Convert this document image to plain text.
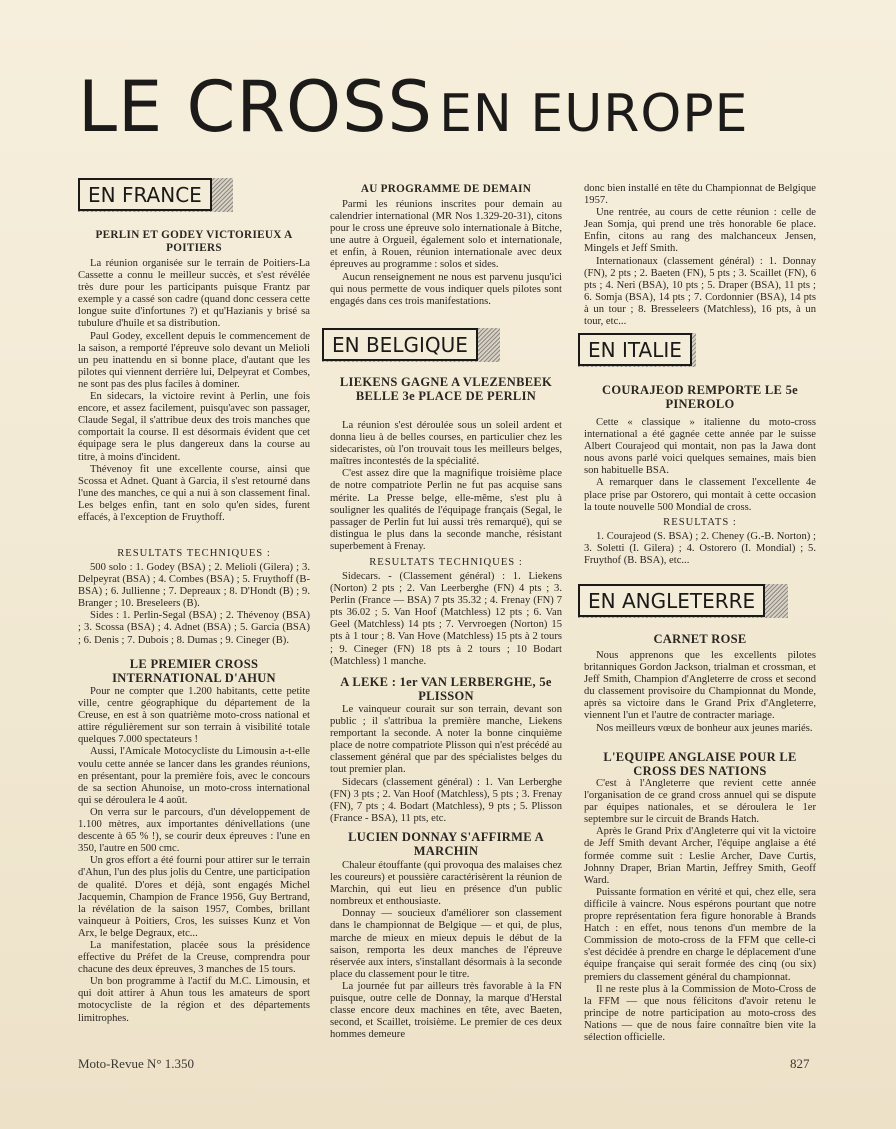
LE CROSS EN EUROPE
EN FRANCE
PERLIN ET GODEY VICTORIEUX A POITIERS

La réunion organisée sur le terrain de Poitiers-La Cassette a connu le meilleur succès, et s'est révélée très dure pour les participants puisque Frantz par exemple y a cassé son cadre (quand donc cessera cette longue suite d'infortunes ?) et qu'Hazianis y brisé sa tubulure d'huile et sa distribution.

Paul Godey, excellent depuis le commencement de la saison, a remporté l'épreuve solo devant un Melioli un peu inattendu en si bonne place, d'autant que les pilotes qui viennent derrière lui, Delpeyrat et Combes, ne sont pas des plus faciles à dominer.

En sidecars, la victoire revint à Perlin, une fois encore, et assez facilement, puisqu'avec son passager, Claude Segal, il s'attribue deux des trois manches que comportait la course. Il est désormais évident que cet équipage sera le plus dangereux dans la course au titre, à moins d'incident.

Thévenoy fit une excellente course, ainsi que Scossa et Adnet. Quant à Garcia, il s'est retourné dans l'une des manches, ce qui a nui à son classement final. Les belges enfin, tant en solo qu'en sides, furent effacés, à l'exception de Fruythoff.

RESULTATS TECHNIQUES :

500 solo : 1. Godey (BSA) ; 2. Melioli (Gilera) ; 3. Delpeyrat (BSA) ; 4. Combes (BSA) ; 5. Fruythoff (B-BSA) ; 6. Jullienne ; 7. Depreaux ; 8. D'Hondt (B) ; 9. Branger ; 10. Breseleers (B).

Sides : 1. Perlin-Segal (BSA) ; 2. Thévenoy (BSA) ; 3. Scossa (BSA) ; 4. Adnet (BSA) ; 5. Garcia (BSA) ; 6. Denis ; 7. Dubois ; 8. Dumas ; 9. Cineger (B).

LE PREMIER CROSS INTERNATIONAL D'AHUN

Pour ne compter que 1.200 habitants, cette petite ville, centre géographique du département de la Creuse, en est à son quatrième moto-cross national et attire régulièrement sur son terrain à visibilité totale quelques 7.000 spectateurs !

Aussi, l'Amicale Motocycliste du Limousin a-t-elle voulu cette année se lancer dans les grandes réunions, en présentant, pour la première fois, avec le concours de sa section Ahunoise, un moto-cross international qui se déroulera le 4 août.

On verra sur le parcours, d'un développement de 1.100 mètres, aux importantes dénivellations (une descente à 65 % !), se courir deux épreuves : l'une en 350, l'autre en 500 cmc.

Un gros effort a été fourni pour attirer sur le terrain d'Ahun, l'un des plus jolis du Centre, une participation de qualité. D'ores et déjà, sont engagés Michel Jacquemin, Champion de France 1956, Guy Bertrand, la révélation de la saison 1957, Combes, brillant vainqueur à Poitiers, Cros, les suisses Kunz et Von Arx, le belge Degraux, etc...

La manifestation, placée sous la présidence effective du Préfet de la Creuse, comprendra pour chacune des deux épreuves, 3 manches de 15 tours.

Un bon programme à l'actif du M.C. Limousin, et qui doit attirer à Ahun tous les amateurs de sport motocycliste de la région et des départements limitrophes.

AU PROGRAMME DE DEMAIN

Parmi les réunions inscrites pour demain au calendrier international (MR Nos 1.329-20-31), citons pour le cross une épreuve solo internationale à Bitche, une autre à Orgueil, également solo et internationale, et enfin, à Rouen, réunion internationale avec deux épreuves au programme : solos et sides.

Aucun renseignement ne nous est parvenu jusqu'ici qui nous permette de vous indiquer quels pilotes sont engagés dans ces trois manifestations.

EN BELGIQUE
LIEKENS GAGNE A VLEZENBEEK BELLE 3e PLACE DE PERLIN

La réunion s'est déroulée sous un soleil ardent et donna lieu à de belles courses, en particulier chez les sidecaristes, où l'on trouvait tous les meilleurs belges, maîtres incontestés de la spécialité.

C'est assez dire que la magnifique troisième place de notre compatriote Perlin ne fut pas acquise sans mérite. La Presse belge, elle-même, s'est plu à souligner les qualités de l'équipage français (Segal, le passager de Perlin fut lui aussi très remarqué), qui se distingua le plus dans la seconde manche, résistant superbement à Frenay.

RESULTATS TECHNIQUES :

Sidecars. - (Classement général) : 1. Liekens (Norton) 2 pts ; 2. Van Leerberghe (FN) 4 pts ; 3. Perlin (France — BSA) 7 pts 35.32 ; 4. Frenay (FN) 7 pts 36.02 ; 5. Van Hoof (Matchless) 12 pts ; 6. Van Geel (Matchless) 14 pts ; 7. Vervroegen (Norton) 15 pts à 1 tour ; 8. Van Hove (Matchless) 15 pts à 2 tours ; 9. Cineger (FN) 18 pts à 2 tours ; 10 Bodart (Matchless) 1 manche.

A LEKE : 1er VAN LERBERGHE, 5e PLISSON

Le vainqueur courait sur son terrain, devant son public ; il s'attribua la première manche, Liekens remportant la seconde. A noter la bonne cinquième place de notre compatriote Plisson qui n'est précédé au classement général que par des spécialistes belges du tout premier plan.

Sidecars (classement général) : 1. Van Lerberghe (FN) 3 pts ; 2. Van Hoof (Matchless), 5 pts ; 3. Frenay (FN), 7 pts ; 4. Bodart (Matchless), 9 pts ; 5. Plisson (France - BSA), 11 pts, etc.

LUCIEN DONNAY S'AFFIRME A MARCHIN

Chaleur étouffante (qui provoqua des malaises chez les coureurs) et poussière caractérisèrent la réunion de Marchin, qui eut lieu en présence d'un public nombreux et enthousiaste.

Donnay — soucieux d'améliorer son classement dans le championnat de Belgique — et qui, de plus, marche de mieux en mieux depuis le début de la saison, remporta les deux manches de l'épreuve réservée aux inters, s'installant désormais à la seconde place du classement pour le titre.

La journée fut par ailleurs très favorable à la FN puisque, outre celle de Donnay, la marque d'Herstal classe encore deux machines en tête, avec Baeten, second, et Scaillet, troisième. Le premier de ces deux hommes demeure

donc bien installé en tête du Championnat de Belgique 1957.

Une rentrée, au cours de cette réunion : celle de Jean Somja, qui prend une très honorable 6e place. Enfin, citons au rang des malchanceux Jensen, Mingels et Jeff Smith.

Internationaux (classement général) : 1. Donnay (FN), 2 pts ; 2. Baeten (FN), 5 pts ; 3. Scaillet (FN), 6 pts ; 4. Neri (BSA), 10 pts ; 5. Draper (BSA), 11 pts ; 6. Somja (BSA), 14 pts ; 7. Cordonnier (BSA), 14 pts à un tour ; 8. Bresseleers (Matchless), 16 pts, à un tour, etc...

EN ITALIE
COURAJEOD REMPORTE LE 5e PINEROLO

Cette « classique » italienne du moto-cross international a été gagnée cette année par le suisse Albert Courajeod qui montait, non pas la Jawa dont nous avons parlé voici quelques semaines, mais bien son habituelle BSA.

A remarquer dans le classement l'excellente 4e place prise par Ostorero, qui montait à cette occasion la toute nouvelle 500 Mondial de cross.

RESULTATS :

1. Courajeod (S. BSA) ; 2. Cheney (G.-B. Norton) ; 3. Soletti (I. Gilera) ; 4. Ostorero (I. Mondial) ; 5. Fruythof (B. BSA), etc...

EN ANGLETERRE
CARNET ROSE

Nous apprenons que les excellents pilotes britanniques Gordon Jackson, trialman et crossman, et Jeff Smith, Champion d'Angleterre de cross et second du classement provisoire du Championnat du Monde, après sa victoire dans le Grand Prix d'Angleterre, viennent l'un et l'autre de contracter mariage.

Nos meilleurs vœux de bonheur aux jeunes mariés.

L'EQUIPE ANGLAISE POUR LE CROSS DES NATIONS

C'est à l'Angleterre que revient cette année l'organisation de ce grand cross annuel qui se dispute par équipes nationales, et se déroulera le 1er septembre sur le circuit de Brands Hatch.

Après le Grand Prix d'Angleterre qui vit la victoire de Jeff Smith devant Archer, l'équipe anglaise a été formée comme suit : Leslie Archer, Dave Curtis, Johnny Draper, Brian Martin, Jeffrey Smith, Geoff Ward.

Puissante formation en vérité et qui, chez elle, sera difficile à vaincre. Nous espérons pourtant que notre propre représentation fera figure honorable à Brands Hatch : en effet, nous tenons d'un membre de la Commission de moto-cross de la FFM que celle-ci s'est décidée à prendre en charge le déplacement d'une équipe française qui serait formée des cinq (ou six) premiers du classement général du championnat.

Il ne reste plus à la Commission de Moto-Cross de la FFM — que nous félicitons d'avoir retenu le principe de notre participation au moto-cross des Nations — que de nous faire connaître bien vite la sélection officielle.

Moto-Revue N° 1.350	827
